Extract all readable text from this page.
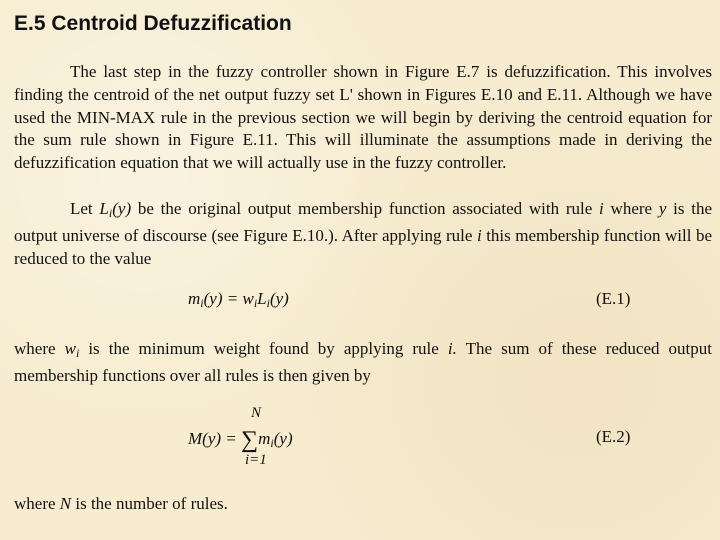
E.5 Centroid Defuzzification

The last step in the fuzzy controller shown in Figure E.7 is defuzzification. This involves finding the centroid of the net output fuzzy set L' shown in Figures E.10 and E.11. Although we have used the MIN-MAX rule in the previous section we will begin by deriving the centroid equation for the sum rule shown in Figure E.11. This will illuminate the assumptions made in deriving the defuzzification equation that we will actually use in the fuzzy controller.

Let $L_i(y)$ be the original output membership function associated with rule i where y is the output universe of discourse (see Figure E.10.). After applying rule i this membership function will be reduced to the value

$m_i(y) = w_iL_i(y)$	(E.1)

where $w_i$ is the minimum weight found by applying rule i. The sum of these reduced output membership functions over all rules is then given by

N
$M(y) = \sum m_i(y)$
i=1
(E.2)

where N is the number of rules.
